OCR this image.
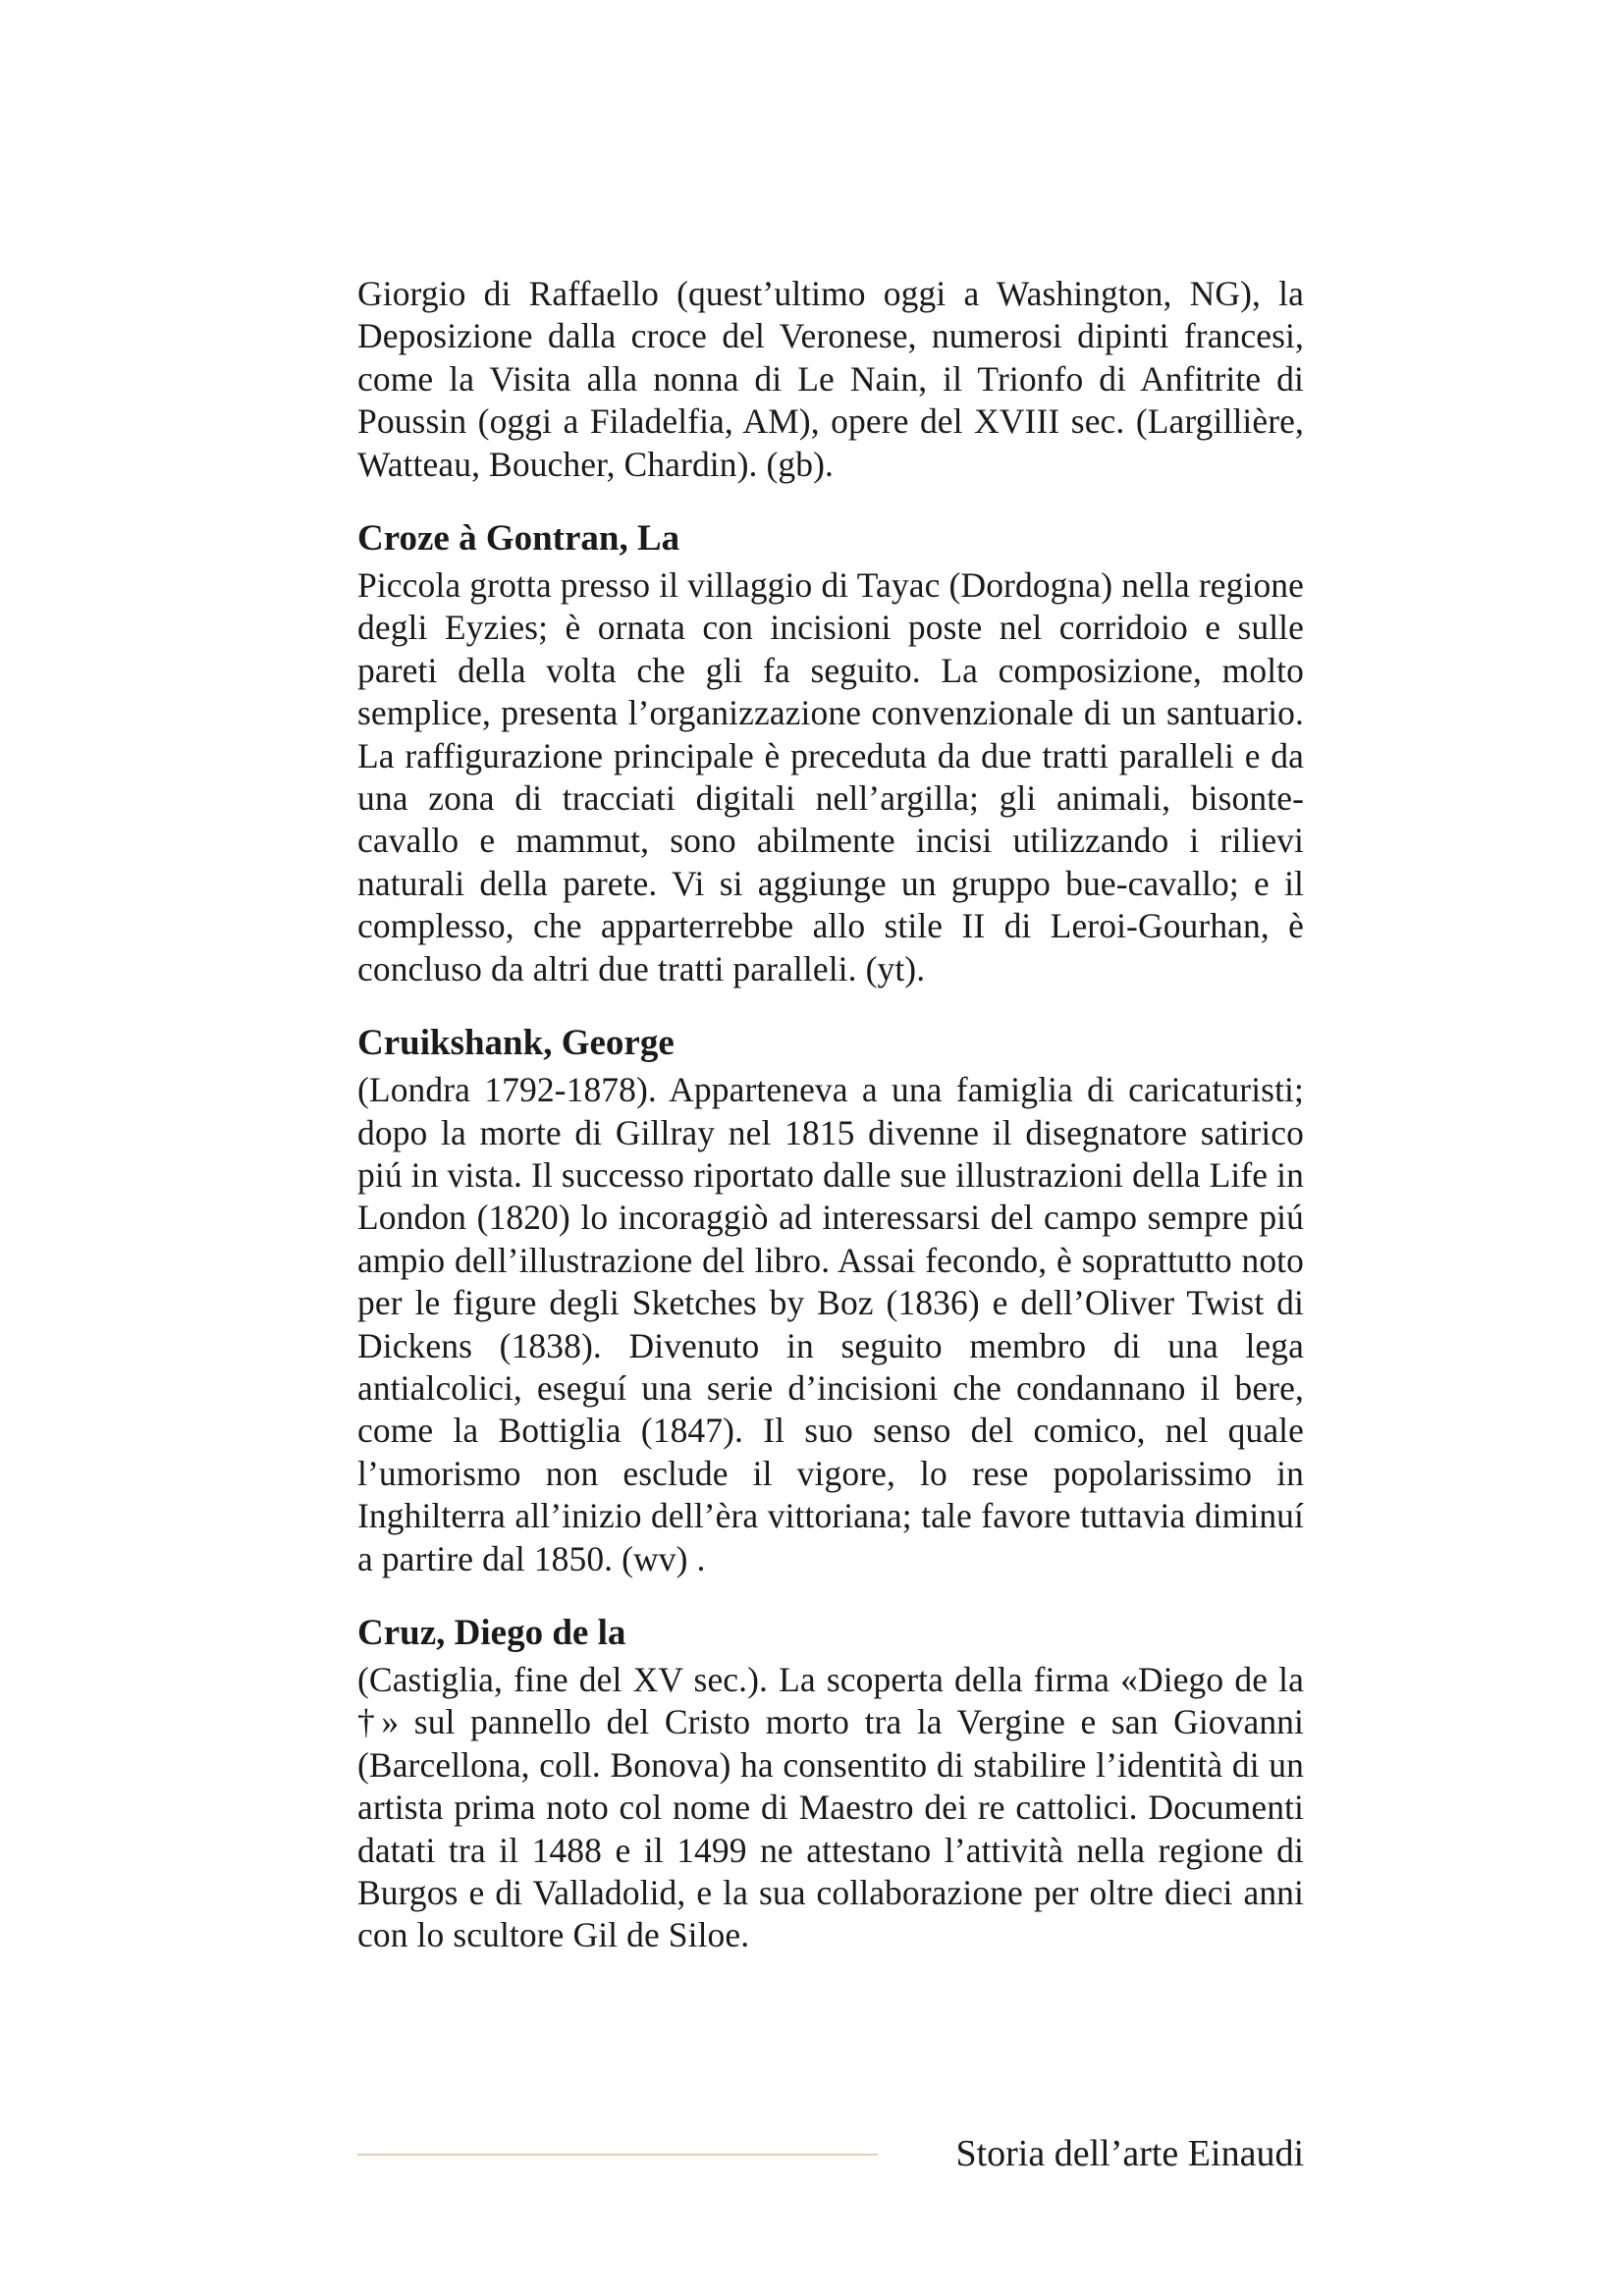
Giorgio di Raffaello (quest’ultimo oggi a Washington, NG), la Deposizione dalla croce del Veronese, numerosi dipinti francesi, come la Visita alla nonna di Le Nain, il Trionfo di Anfitrite di Poussin (oggi a Filadelfia, AM), opere del XVIII sec. (Largillière, Watteau, Boucher, Chardin). (gb).

Croze à Gontran, La

Piccola grotta presso il villaggio di Tayac (Dordogna) nella regione degli Eyzies; è ornata con incisioni poste nel corridoio e sulle pareti della volta che gli fa seguito. La composizione, molto semplice, presenta l’organizzazione convenzionale di un santuario. La raffigurazione principale è preceduta da due tratti paralleli e da una zona di tracciati digitali nell’argilla; gli animali, bisonte-cavallo e mammut, sono abilmente incisi utilizzando i rilievi naturali della parete. Vi si aggiunge un gruppo bue-cavallo; e il complesso, che apparterrebbe allo stile II di Leroi-Gourhan, è concluso da altri due tratti paralleli. (yt).

Cruikshank, George

(Londra 1792-1878). Apparteneva a una famiglia di caricaturisti; dopo la morte di Gillray nel 1815 divenne il disegnatore satirico piú in vista. Il successo riportato dalle sue illustrazioni della Life in London (1820) lo incoraggiò ad interessarsi del campo sempre piú ampio dell’illustrazione del libro. Assai fecondo, è soprattutto noto per le figure degli Sketches by Boz (1836) e dell’Oliver Twist di Dickens (1838). Divenuto in seguito membro di una lega antialcolici, eseguí una serie d’incisioni che condannano il bere, come la Bottiglia (1847). Il suo senso del comico, nel quale l’umorismo non esclude il vigore, lo rese popolarissimo in Inghilterra all’inizio dell’èra vittoriana; tale favore tuttavia diminuí a partire dal 1850. (wv) .

Cruz, Diego de la

(Castiglia, fine del XV sec.). La scoperta della firma «Diego de la †» sul pannello del Cristo morto tra la Vergine e san Giovanni (Barcellona, coll. Bonova) ha consentito di stabilire l’identità di un artista prima noto col nome di Maestro dei re cattolici. Documenti datati tra il 1488 e il 1499 ne attestano l’attività nella regione di Burgos e di Valladolid, e la sua collaborazione per oltre dieci anni con lo scultore Gil de Siloe.

Storia dell’arte Einaudi
